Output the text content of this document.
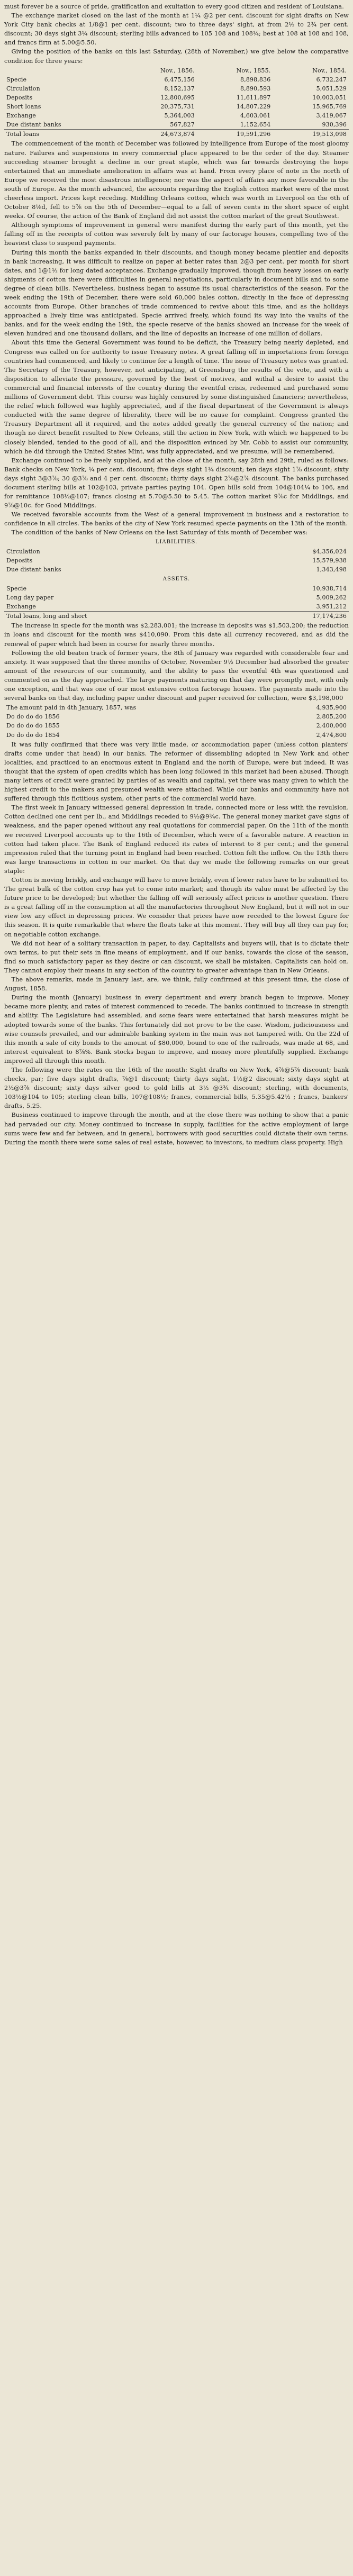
must forever be a source of pride, gratification and exultation to every good citizen and resident of Louisiana.

The exchange market closed on the last of the month at 1¼ @2 per cent. discount for sight drafts on New York City bank checks at 1/8@1 per cent. discount; two to three days' sight, at from 2½ to 2¾ per cent. discount; 30 days sight 3¼ discount; sterling bills advanced to 105 108 and 108¼; best at 108 at 108 and 108, and francs firm at 5.00@5.50.

Giving the position of the banks on this last Saturday, (28th of November,) we give below the comparative condition for three years:

	Nov., 1856.	Nov., 1855.	Nov., 1854.
Specie	6,475,156	8,898,836	6,732,247
Circulation	8,152,137	8,890,593	5,051,529
Deposits	12,800,695	11,611,897	10,003,051
Short loans	20,375,731	14,807,229	15,965,769
Exchange	5,364,003	4,603,061	3,419,067
Due distant banks	567,827	1,152,654	930,396
Total loans	24,673,874	19,591,296	19,513,098

The commencement of the month of December was followed by intelligence from Europe of the most gloomy nature. Failures and suspensions in every commercial place appeared to be the order of the day. Steamer succeeding steamer brought a decline in our great staple, which was far towards destroying the hope entertained that an immediate amelioration in affairs was at hand. From every place of note in the north of Europe we received the most disastrous intelligence; nor was the aspect of affairs any more favorable in the south of Europe. As the month advanced, the accounts regarding the English cotton market were of the most cheerless import. Prices kept receding. Middling Orleans cotton, which was worth in Liverpool on the 6th of October 8⅛d, fell to 5⅞ on the 5th of December—equal to a fall of seven cents in the short space of eight weeks. Of course, the action of the Bank of England did not assist the cotton market of the great Southwest.

Although symptoms of improvement in general were manifest during the early part of this month, yet the falling off in the receipts of cotton was severely felt by many of our factorage houses, compelling two of the heaviest class to suspend payments.

During this month the banks expanded in their discounts, and though money became plentier and deposits in bank increasing, it was difficult to realize on paper at better rates than 2@3 per cent. per month for short dates, and 1@1½ for long dated acceptances. Exchange gradually improved, though from heavy losses on early shipments of cotton there were difficulties in general negotiations, particularly in document bills and to some degree of clean bills. Nevertheless, business began to assume its usual characteristics of the season. For the week ending the 19th of December, there were sold 60,000 bales cotton, directly in the face of depressing accounts from Europe. Other branches of trade commenced to revive about this time, and as the holidays approached a lively time was anticipated. Specie arrived freely, which found its way into the vaults of the banks, and for the week ending the 19th, the specie reserve of the banks showed an increase for the week of eleven hundred and one thousand dollars, and the line of deposits an increase of one million of dollars.

About this time the General Government was found to be deficit, the Treasury being nearly depleted, and Congress was called on for authority to issue Treasury notes. A great falling off in importations from foreign countries had commenced, and likely to continue for a length of time. The issue of Treasury notes was granted. The Secretary of the Treasury, however, not anticipating, at Greensburg the results of the vote, and with a disposition to alleviate the pressure, governed by the best of motives, and withal a desire to assist the commercial and financial interests of the country during the eventful crisis, redeemed and purchased some millions of Government debt. This course was highly censured by some distinguished financiers; nevertheless, the relief which followed was highly appreciated, and if the fiscal department of the Government is always conducted with the same degree of liberality, there will be no cause for complaint. Congress granted the Treasury Department all it required, and the notes added greatly the general currency of the nation; and though no direct benefit resulted to New Orleans, still the action in New York, with which we happened to be closely blended, tended to the good of all, and the disposition evinced by Mr. Cobb to assist our community, which he did through the United States Mint, was fully appreciated, and we presume, will be remembered.

Exchange continued to be freely supplied, and at the close of the month, say 28th and 29th, ruled as follows: Bank checks on New York, ¼ per cent. discount; five days sight 1¼ discount; ten days sight 1⅞ discount; sixty days sight 3@3⅞; 30 @3⅞ and 4 per cent. discount; thirty days sight 2⅞@2⅞ discount. The banks purchased document sterling bills at 102@103, private parties paying 104. Open bills sold from 104@104¼ to 106, and for remittance 108½@107; francs closing at 5.70@5.50 to 5.45. The cotton market 9⅞c for Middlings, and 9⅞@10c. for Good Middlings.

We received favorable accounts from the West of a general improvement in business and a restoration to confidence in all circles. The banks of the city of New York resumed specie payments on the 13th of the month.

The condition of the banks of New Orleans on the last Saturday of this month of December was:

LIABILITIES.
Circulation	$4,356,024
Deposits	15,579,938
Due distant banks	1,343,498
ASSETS.
Specie	10,938,714
Long day paper	5,009,262
Exchange	3,951,212
Total loans, long and short	17,174,236

The increase in specie for the month was $2,283,001; the increase in deposits was $1,503,200; the reduction in loans and discount for the month was $410,090. From this date all currency recovered, and as did the renewal of paper which had been in course for nearly three months.

Following the old beaten track of former years, the 8th of January was regarded with considerable fear and anxiety. It was supposed that the three months of October, November 9½ December had absorbed the greater amount of the resources of our community, and the ability to pass the eventful 4th was questioned and commented on as the day approached. The large payments maturing on that day were promptly met, with only one exception, and that was one of our most extensive cotton factorage houses. The payments made into the several banks on that day, including paper under discount and paper received for collection, were $3,198,000

The amount paid in 4th January, 1857, was	4,935,900
Do do do do 1856	2,805,200
Do do do do 1855	2,400,000
Do do do do 1854	2,474,800

It was fully confirmed that there was very little made, or accommodation paper (unless cotton planters' drafts come under that head) in our banks. The reformer of dissembling adopted in New York and other localities, and practiced to an enormous extent in England and the north of Europe, were but indeed. It was thought that the system of open credits which has been long followed in this market had been abused. Though many letters of credit were granted by parties of as wealth and capital, yet there was many given to which the highest credit to the makers and presumed wealth were attached. While our banks and community have not suffered through this fictitious system, other parts of the commercial world have.

The first week in January witnessed general depression in trade, connected more or less with the revulsion. Cotton declined one cent per lb., and Middlings receded to 9½@9¾c. The general money market gave signs of weakness, and the paper opened without any real quotations for commercial paper. On the 11th of the month we received Liverpool accounts up to the 16th of December, which were of a favorable nature. A reaction in cotton had taken place. The Bank of England reduced its rates of interest to 8 per cent.; and the general impression ruled that the turning point in England had been reached. Cotton felt the inflow. On the 13th there was large transactions in cotton in our market. On that day we made the following remarks on our great staple:

Cotton is moving briskly, and exchange will have to move briskly, even if lower rates have to be submitted to. The great bulk of the cotton crop has yet to come into market; and though its value must be affected by the future price to be developed; but whether the falling off will seriously affect prices is another question. There is a great falling off in the consumption at all the manufactories throughout New England, but it will not in our view low any effect in depressing prices. We consider that prices have now receded to the lowest figure for this season. It is quite remarkable that where the floats take at this moment. They will buy all they can pay for, on negotiable cotton exchange.

We did not hear of a solitary transaction in paper, to day. Capitalists and buyers will, that is to dictate their own terms, to put their sets in fine means of employment, and if our banks, towards the close of the season, find so much satisfactory paper as they desire or can discount, we shall be mistaken. Capitalists can hold on. They cannot employ their means in any section of the country to greater advantage than in New Orleans.

The above remarks, made in January last, are, we think, fully confirmed at this present time, the close of August, 1858.

During the month (January) business in every department and every branch began to improve. Money became more plenty, and rates of interest commenced to recede. The banks continued to increase in strength and ability. The Legislature had assembled, and some fears were entertained that harsh measures might be adopted towards some of the banks. This fortunately did not prove to be the case. Wisdom, judiciousness and wise counsels prevailed, and our admirable banking system in the main was not tampered with. On the 22d of this month a sale of city bonds to the amount of $80,000, bound to one of the railroads, was made at 68, and interest equivalent to 8⅞%. Bank stocks began to improve, and money more plentifully supplied. Exchange improved all through this month.

The following were the rates on the 16th of the month: Sight drafts on New York, 4⅞@5⅞ discount; bank checks, par; five days sight drafts, ⅞@1 discount; thirty days sight, 1½@2 discount; sixty days sight at 2½@3⅞ discount; sixty days silver good to gold bills at 3½ @3¾ discount; sterling, with documents, 103½@104 to 105; sterling clean bills, 107@108½; francs, commercial bills, 5.35@5.42½ ; francs, bankers' drafts, 5.25.

Business continued to improve through the month, and at the close there was nothing to show that a panic had pervaded our city. Money continued to increase in supply, facilities for the active employment of large sums were few and far between, and in general, borrowers with good securities could dictate their own terms. During the month there were some sales of real estate, however, to investors, to medium class property. High
